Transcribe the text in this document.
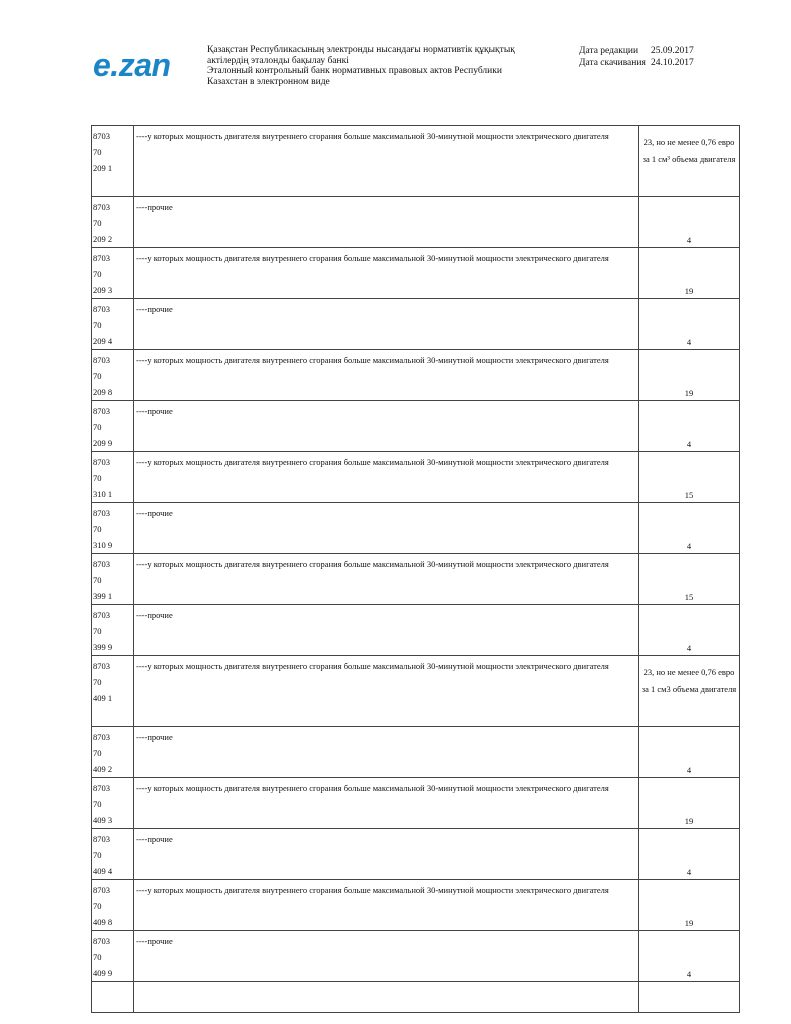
e.zan	Қазақстан Республикасының электронды нысандағы нормативтік құқықтық
актілердің эталонды бақылау банкі
Эталонный контрольный банк нормативных правовых актов Республики
Казахстан в электронном виде
Дата редакции 25.09.2017
Дата скачивания 24.10.2017
8703
70
209 1	----у которых мощность двигателя внутреннего сгорания больше максимальной 30-минутной мощности электрического двигателя	23, но не менее 0,76 евро за 1 см³ объема двигателя

8703
70
209 2	----прочие	4

8703
70
209 3	----у которых мощность двигателя внутреннего сгорания больше максимальной 30-минутной мощности электрического двигателя	19

8703
70
209 4	----прочие	4

8703
70
209 8	----у которых мощность двигателя внутреннего сгорания больше максимальной 30-минутной мощности электрического двигателя	19

8703
70
209 9	----прочие	4

8703
70
310 1	----у которых мощность двигателя внутреннего сгорания больше максимальной 30-минутной мощности электрического двигателя	15

8703
70
310 9	----прочие	4

8703
70
399 1	----у которых мощность двигателя внутреннего сгорания больше максимальной 30-минутной мощности электрического двигателя	15

8703
70
399 9	----прочие	4

8703
70
409 1	----у которых мощность двигателя внутреннего сгорания больше максимальной 30-минутной мощности электрического двигателя	23, но не менее 0,76 евро за 1 см3 объема двигателя

8703
70
409 2	----прочие	4

8703
70
409 3	----у которых мощность двигателя внутреннего сгорания больше максимальной 30-минутной мощности электрического двигателя	19

8703
70
409 4	----прочие	4

8703
70
409 8	----у которых мощность двигателя внутреннего сгорания больше максимальной 30-минутной мощности электрического двигателя	19

8703
70
409 9	----прочие	4
